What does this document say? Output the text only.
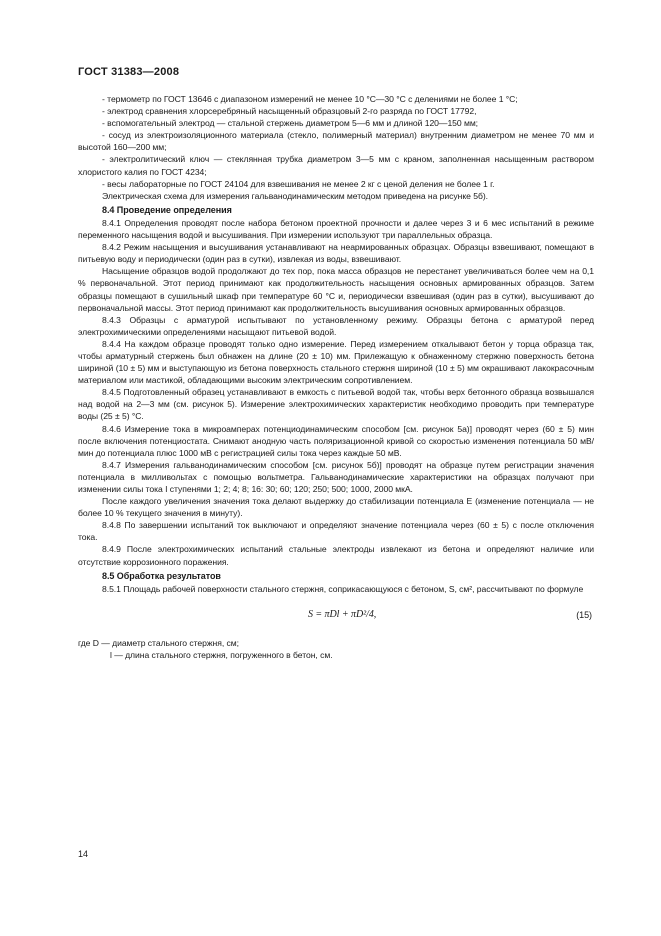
ГОСТ 31383—2008

- термометр по ГОСТ 13646 с диапазоном измерений не менее 10 °С—30 °С с делениями не более 1 °С;

- электрод сравнения хлорсеребряный насыщенный образцовый 2-го разряда по ГОСТ 17792,

- вспомогательный электрод — стальной стержень диаметром 5—6 мм и длиной 120—150 мм;

- сосуд из электроизоляционного материала (стекло, полимерный материал) внутренним диаметром не менее 70 мм и высотой 160—200 мм;

- электролитический ключ — стеклянная трубка диаметром 3—5 мм с краном, заполненная насыщенным раствором хлористого калия по ГОСТ 4234;

- весы лабораторные по ГОСТ 24104 для взвешивания не менее 2 кг с ценой деления не более 1 г.

Электрическая схема для измерения гальванодинамическим методом приведена на рисунке 5б).

8.4 Проведение определения

8.4.1 Определения проводят после набора бетоном проектной прочности и далее через 3 и 6 мес испытаний в режиме переменного насыщения водой и высушивания. При измерении используют три параллельных образца.

8.4.2 Режим насыщения и высушивания устанавливают на неармированных образцах. Образцы взвешивают, помещают в питьевую воду и периодически (один раз в сутки), извлекая из воды, взвешивают.

Насыщение образцов водой продолжают до тех пор, пока масса образцов не перестанет увеличиваться более чем на 0,1 % первоначальной. Этот период принимают как продолжительность насыщения основных армированных образцов. Затем образцы помещают в сушильный шкаф при температуре 60 °С и, периодически взвешивая (один раз в сутки), высушивают до первоначальной массы. Этот период принимают как продолжительность высушивания основных армированных образцов.

8.4.3 Образцы с арматурой испытывают по установленному режиму. Образцы бетона с арматурой перед электрохимическими определениями насыщают питьевой водой.

8.4.4 На каждом образце проводят только одно измерение. Перед измерением откалывают бетон у торца образца так, чтобы арматурный стержень был обнажен на длине (20 ± 10) мм. Прилежащую к обнаженному стержню поверхность бетона шириной (10 ± 5) мм и выступающую из бетона поверхность стального стержня шириной (10 ± 5) мм окрашивают лакокрасочным материалом или мастикой, обладающими высоким электрическим сопротивлением.

8.4.5 Подготовленный образец устанавливают в емкость с питьевой водой так, чтобы верх бетонного образца возвышался над водой на 2—3 мм (см. рисунок 5). Измерение электрохимических характеристик необходимо проводить при температуре воды (25 ± 5) °С.

8.4.6 Измерение тока в микроамперах потенциодинамическим способом [см. рисунок 5а)] проводят через (60 ± 5) мин после включения потенциостата. Снимают анодную часть поляризационной кривой со скоростью изменения потенциала 50 мВ/мин до потенциала плюс 1000 мВ с регистрацией силы тока через каждые 50 мВ.

8.4.7 Измерения гальванодинамическим способом [см. рисунок 5б)] проводят на образце путем регистрации значения потенциала в милливольтах с помощью вольтметра. Гальванодинамические характеристики на образцах получают при изменении силы тока I ступенями 1; 2; 4; 8; 16: 30; 60; 120; 250; 500; 1000, 2000 мкА.

После каждого увеличения значения тока делают выдержку до стабилизации потенциала E (изменение потенциала — не более 10 % текущего значения в минуту).

8.4.8 По завершении испытаний ток выключают и определяют значение потенциала через (60 ± 5) с после отключения тока.

8.4.9 После электрохимических испытаний стальные электроды извлекают из бетона и определяют наличие или отсутствие коррозионного поражения.

8.5 Обработка результатов

8.5.1 Площадь рабочей поверхности стального стержня, соприкасающуюся с бетоном, S, см², рассчитывают по формуле

S = πDl + πD²/4,	(15)

где D — диаметр стального стержня, см;

l — длина стального стержня, погруженного в бетон, см.

14
